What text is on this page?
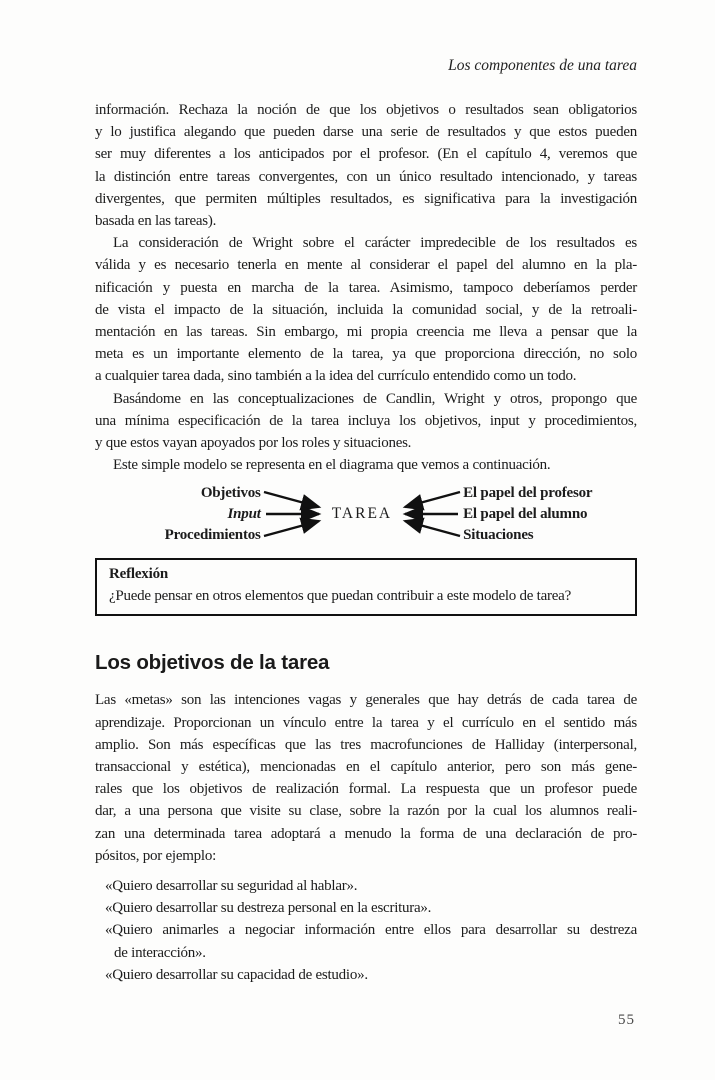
Los componentes de una tarea
información. Rechaza la noción de que los objetivos o resultados sean obligatorios
y lo justifica alegando que pueden darse una serie de resultados y que estos pueden
ser muy diferentes a los anticipados por el profesor. (En el capítulo 4, veremos que
la distinción entre tareas convergentes, con un único resultado intencionado, y tareas
divergentes, que permiten múltiples resultados, es significativa para la investigación
basada en las tareas).
La consideración de Wright sobre el carácter impredecible de los resultados es
válida y es necesario tenerla en mente al considerar el papel del alumno en la pla-
nificación y puesta en marcha de la tarea. Asimismo, tampoco deberíamos perder
de vista el impacto de la situación, incluida la comunidad social, y de la retroali-
mentación en las tareas. Sin embargo, mi propia creencia me lleva a pensar que la
meta es un importante elemento de la tarea, ya que proporciona dirección, no solo
a cualquier tarea dada, sino también a la idea del currículo entendido como un todo.
Basándome en las conceptualizaciones de Candlin, Wright y otros, propongo que
una mínima especificación de la tarea incluya los objetivos, input y procedimientos,
y que estos vayan apoyados por los roles y situaciones.
Este simple modelo se representa en el diagrama que vemos a continuación.
Objetivos
Input
Procedimientos
TAREA
El papel del profesor
El papel del alumno
Situaciones
Reflexión
¿Puede pensar en otros elementos que puedan contribuir a este modelo de tarea?
Los objetivos de la tarea
Las «metas» son las intenciones vagas y generales que hay detrás de cada tarea de
aprendizaje. Proporcionan un vínculo entre la tarea y el currículo en el sentido más
amplio. Son más específicas que las tres macrofunciones de Halliday (interpersonal,
transaccional y estética), mencionadas en el capítulo anterior, pero son más gene-
rales que los objetivos de realización formal. La respuesta que un profesor puede
dar, a una persona que visite su clase, sobre la razón por la cual los alumnos reali-
zan una determinada tarea adoptará a menudo la forma de una declaración de pro-
pósitos, por ejemplo:
«Quiero desarrollar su seguridad al hablar».
«Quiero desarrollar su destreza personal en la escritura».
«Quiero animarles a negociar información entre ellos para desarrollar su destreza
de interacción».
«Quiero desarrollar su capacidad de estudio».
55
